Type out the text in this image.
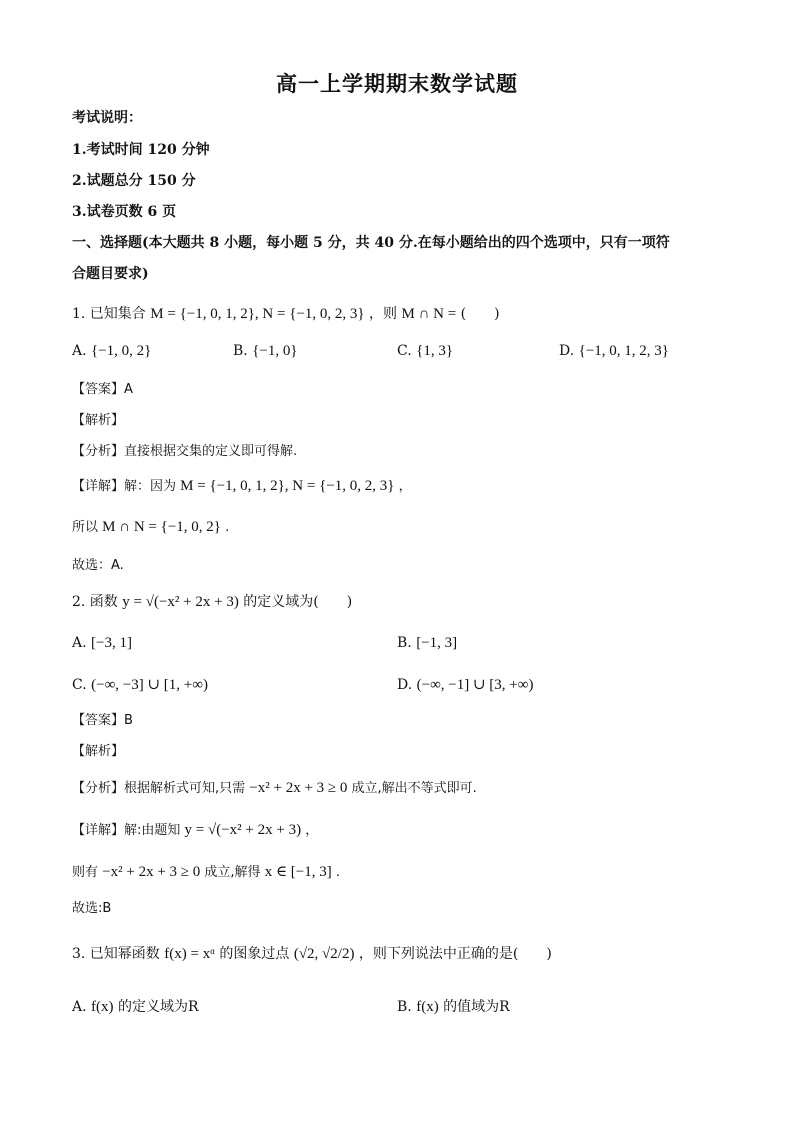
高一上学期期末数学试题
考试说明：
1.考试时间 120 分钟
2.试题总分 150 分
3.试卷页数 6 页
一、选择题(本大题共 8 小题，每小题 5 分，共 40 分.在每小题给出的四个选项中，只有一项符
合题目要求)
1. 已知集合 M = {−1, 0, 1, 2}, N = {−1, 0, 2, 3} ，则 M ∩ N = (　　)
A. {−1, 0, 2}	B. {−1, 0}	C. {1, 3}	D. {−1, 0, 1, 2, 3}
【答案】A
【解析】
【分析】直接根据交集的定义即可得解.
【详解】解：因为 M = {−1, 0, 1, 2}, N = {−1, 0, 2, 3} ，
所以 M ∩ N = {−1, 0, 2} .
故选：A.
2. 函数 y = √(−x² + 2x + 3) 的定义域为(　　)
A. [−3, 1]	B. [−1, 3]
C. (−∞, −3] ∪ [1, +∞)	D. (−∞, −1] ∪ [3, +∞)
【答案】B
【解析】
【分析】根据解析式可知,只需 −x² + 2x + 3 ≥ 0 成立,解出不等式即可.
【详解】解:由题知 y = √(−x² + 2x + 3) ，
则有 −x² + 2x + 3 ≥ 0 成立,解得 x ∈ [−1, 3] .
故选:B
3. 已知幂函数 f(x) = xᵅ 的图象过点 (√2, √2/2) ，则下列说法中正确的是(　　)
A. f(x) 的定义域为R	B. f(x) 的值域为R
